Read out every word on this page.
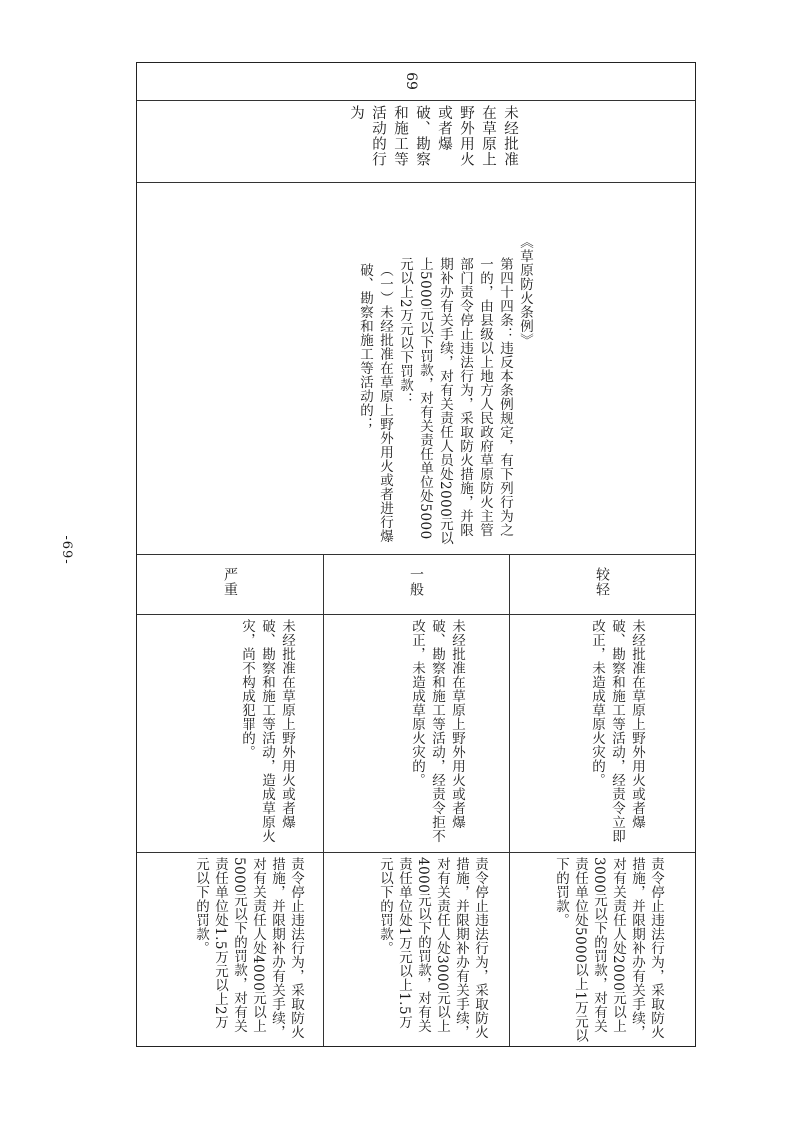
-69-
69
未经批准在草原上野外用火或者爆破、勘察和施工等活动的行为
《草原防火条例》
第四十四条：违反本条例规定，有下列行为之一的，由县级以上地方人民政府草原防火主管部门责令停止违法行为，采取防火措施，并限期补办有关手续，对有关责任人员处2000元以上5000元以下罚款，对有关责任单位处5000元以上2万元以下罚款：
（一）未经批准在草原上野外用火或者进行爆破、勘察和施工等活动的；
严重	一般	较轻
未经批准在草原上野外用火或者爆破、勘察和施工等活动，造成草原火灾，尚不构成犯罪的。	未经批准在草原上野外用火或者爆破、勘察和施工等活动，经责令拒不改正，未造成草原火灾的。	未经批准在草原上野外用火或者爆破、勘察和施工等活动，经责令立即改正，未造成草原火灾的。
责令停止违法行为，采取防火措施，并限期补办有关手续，对有关责任人处4000元以上5000元以下的罚款，对有关责任单位处1.5万元以上2万元以下的罚款。	责令停止违法行为，采取防火措施，并限期补办有关手续，对有关责任人处3000元以上4000元以下的罚款，对有关责任单位处1万元以上1.5万元以下的罚款。	责令停止违法行为，采取防火措施，并限期补办有关手续，对有关责任人处2000元以上3000元以下的罚款，对有关责任单位处5000以上1万元以下的罚款。
